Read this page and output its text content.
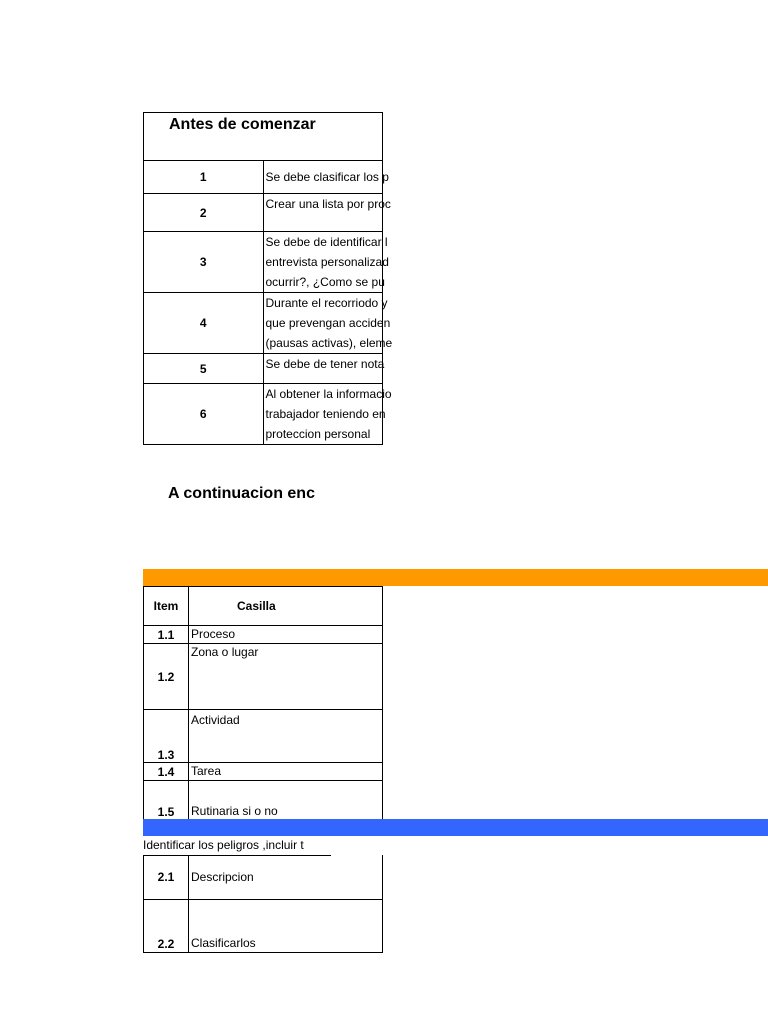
Antes de comenzar	

1	Se debe clasificar los p

2	Crear una lista por proc

3	Se debe de identificar l
entrevista personalizad
ocurrir?, ¿Como se pu

4	Durante el recorriodo y
que prevengan acciden
(pausas activas), eleme

5	Se debe de tener nota

6	Al obtener la informacio
trabajador teniendo en
proteccion personal
A continuacion enc
Item	Casilla
1.1	Proceso
1.2	Zona o lugar
1.3	Actividad
1.4	Tarea
1.5	Rutinaria si o no
Identificar los peligros ,incluir t
2.1	Descripcion
2.2	Clasificarlos
